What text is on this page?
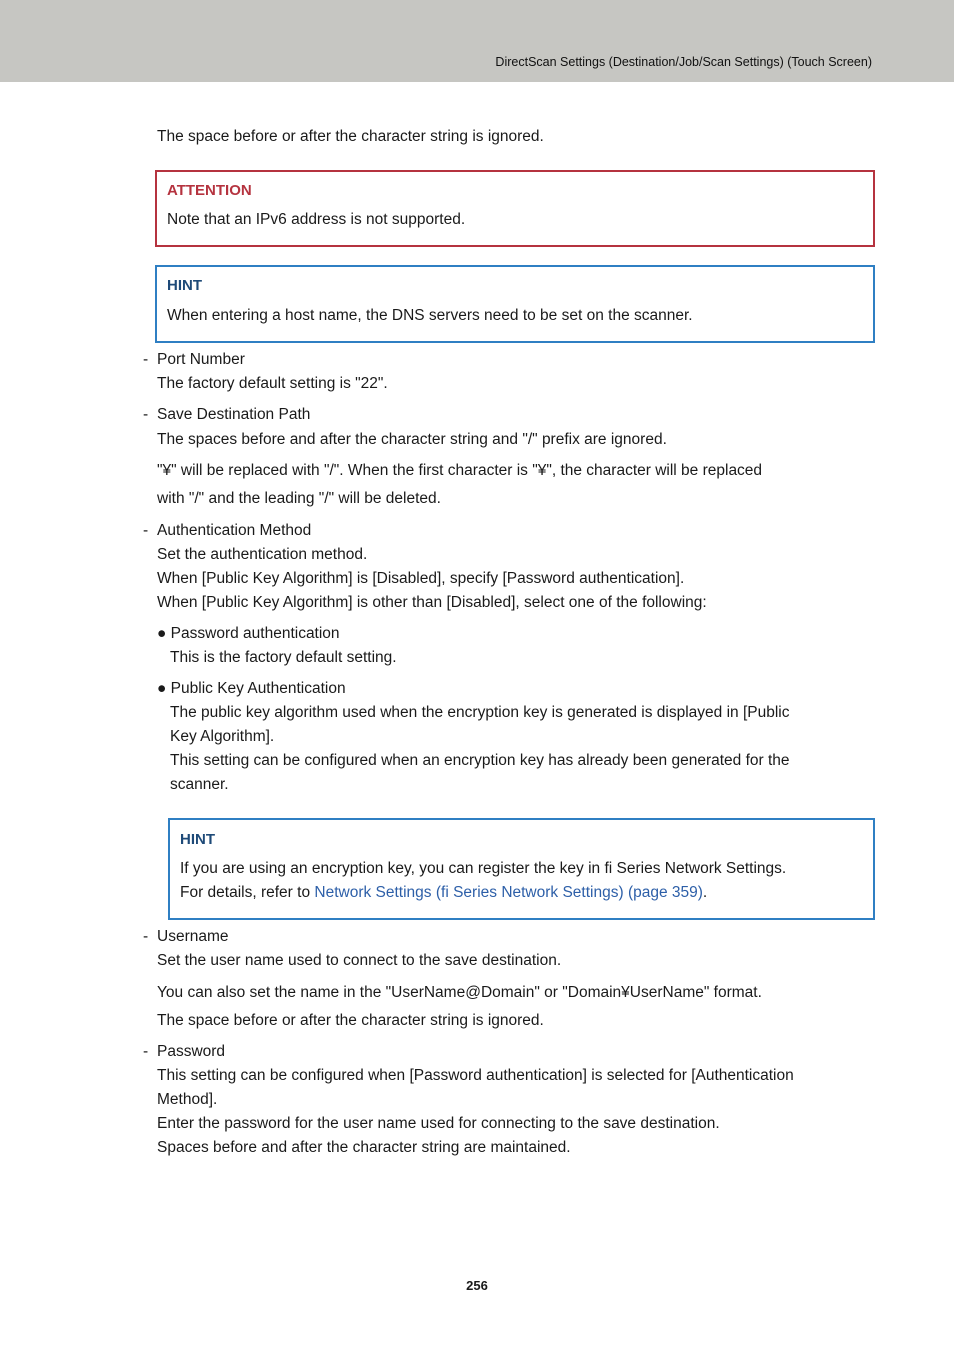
DirectScan Settings (Destination/Job/Scan Settings) (Touch Screen)
The space before or after the character string is ignored.
ATTENTION
Note that an IPv6 address is not supported.
HINT
When entering a host name, the DNS servers need to be set on the scanner.
- Port Number
The factory default setting is "22".
- Save Destination Path
The spaces before and after the character string and "/" prefix are ignored.
"¥" will be replaced with "/". When the first character is "¥", the character will be replaced
with "/" and the leading "/" will be deleted.
- Authentication Method
Set the authentication method.
When [Public Key Algorithm] is [Disabled], specify [Password authentication].
When [Public Key Algorithm] is other than [Disabled], select one of the following:
● Password authentication
This is the factory default setting.
● Public Key Authentication
The public key algorithm used when the encryption key is generated is displayed in [Public
Key Algorithm].
This setting can be configured when an encryption key has already been generated for the
scanner.
HINT
If you are using an encryption key, you can register the key in fi Series Network Settings.
For details, refer to Network Settings (fi Series Network Settings) (page 359).
- Username
Set the user name used to connect to the save destination.
You can also set the name in the "UserName@Domain" or "Domain¥UserName" format.
The space before or after the character string is ignored.
- Password
This setting can be configured when [Password authentication] is selected for [Authentication
Method].
Enter the password for the user name used for connecting to the save destination.
Spaces before and after the character string are maintained.
256
